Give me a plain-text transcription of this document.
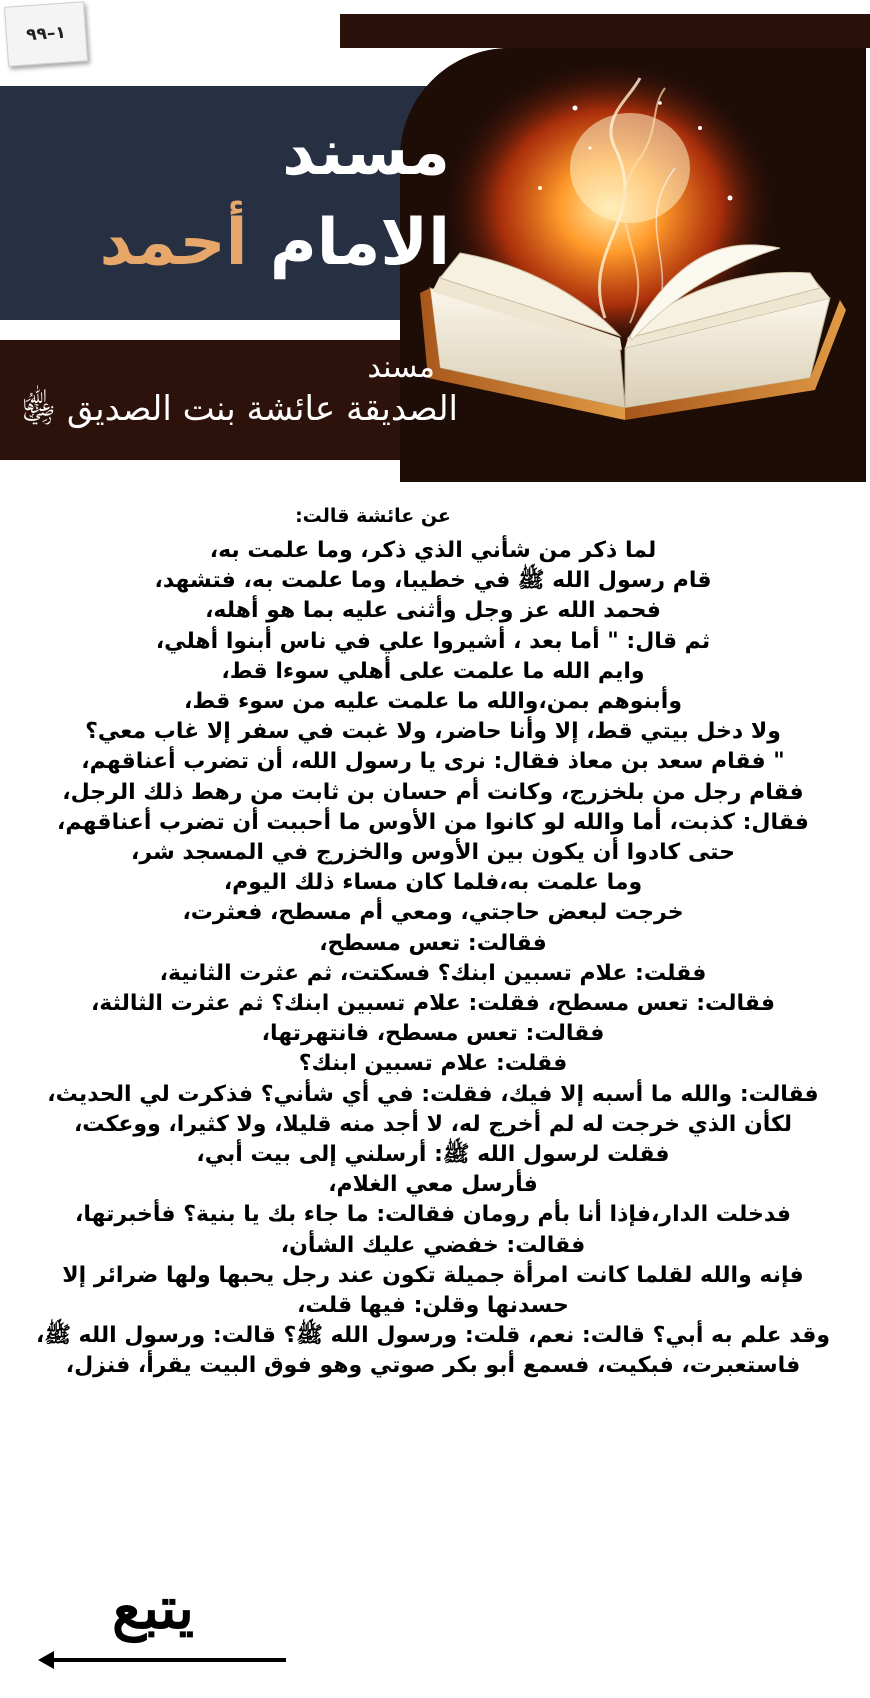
مسند
الامام أحمد
مسند
الصديقة عائشة بنت الصديق ﵂
١–٩٩
عن عائشة قالت:
لما ذكر من شأني الذي ذكر، وما علمت به،
قام رسول الله ﷺ في خطيبا، وما علمت به، فتشهد،
فحمد الله عز وجل وأثنى عليه بما هو أهله،
ثم قال: " أما بعد ، أشيروا علي في ناس أبنوا أهلي،
وايم الله ما علمت على أهلي سوءا قط،
وأبنوهم بمن،والله ما علمت عليه من سوء قط،
ولا دخل بيتي قط، إلا وأنا حاضر، ولا غبت في سفر إلا غاب معي؟
" فقام سعد بن معاذ فقال: نرى يا رسول الله، أن تضرب أعناقهم،
فقام رجل من بلخزرج، وكانت أم حسان بن ثابت من رهط ذلك الرجل،
فقال: كذبت، أما والله لو كانوا من الأوس ما أحببت أن تضرب أعناقهم،
حتى كادوا أن يكون بين الأوس والخزرج في المسجد شر،
وما علمت به،فلما كان مساء ذلك اليوم،
خرجت لبعض حاجتي، ومعي أم مسطح، فعثرت،
فقالت: تعس مسطح،
فقلت: علام تسبين ابنك؟ فسكتت، ثم عثرت الثانية،
فقالت: تعس مسطح، فقلت: علام تسبين ابنك؟ ثم عثرت الثالثة،
فقالت: تعس مسطح، فانتهرتها،
فقلت: علام تسبين ابنك؟
فقالت: والله ما أسبه إلا فيك، فقلت: في أي شأني؟ فذكرت لي الحديث،
لكأن الذي خرجت له لم أخرج له، لا أجد منه قليلا، ولا كثيرا، ووعكت،
فقلت لرسول الله ﷺ: أرسلني إلى بيت أبي،
فأرسل معي الغلام،
فدخلت الدار،فإذا أنا بأم رومان فقالت: ما جاء بك يا بنية؟ فأخبرتها،
فقالت: خفضي عليك الشأن،
فإنه والله لقلما كانت امرأة جميلة تكون عند رجل يحبها ولها ضرائر إلا
حسدنها وقلن: فيها قلت،
وقد علم به أبي؟ قالت: نعم، قلت: ورسول الله ﷺ؟ قالت: ورسول الله ﷺ،
فاستعبرت، فبكيت، فسمع أبو بكر صوتي وهو فوق البيت يقرأ، فنزل،
يتبع
